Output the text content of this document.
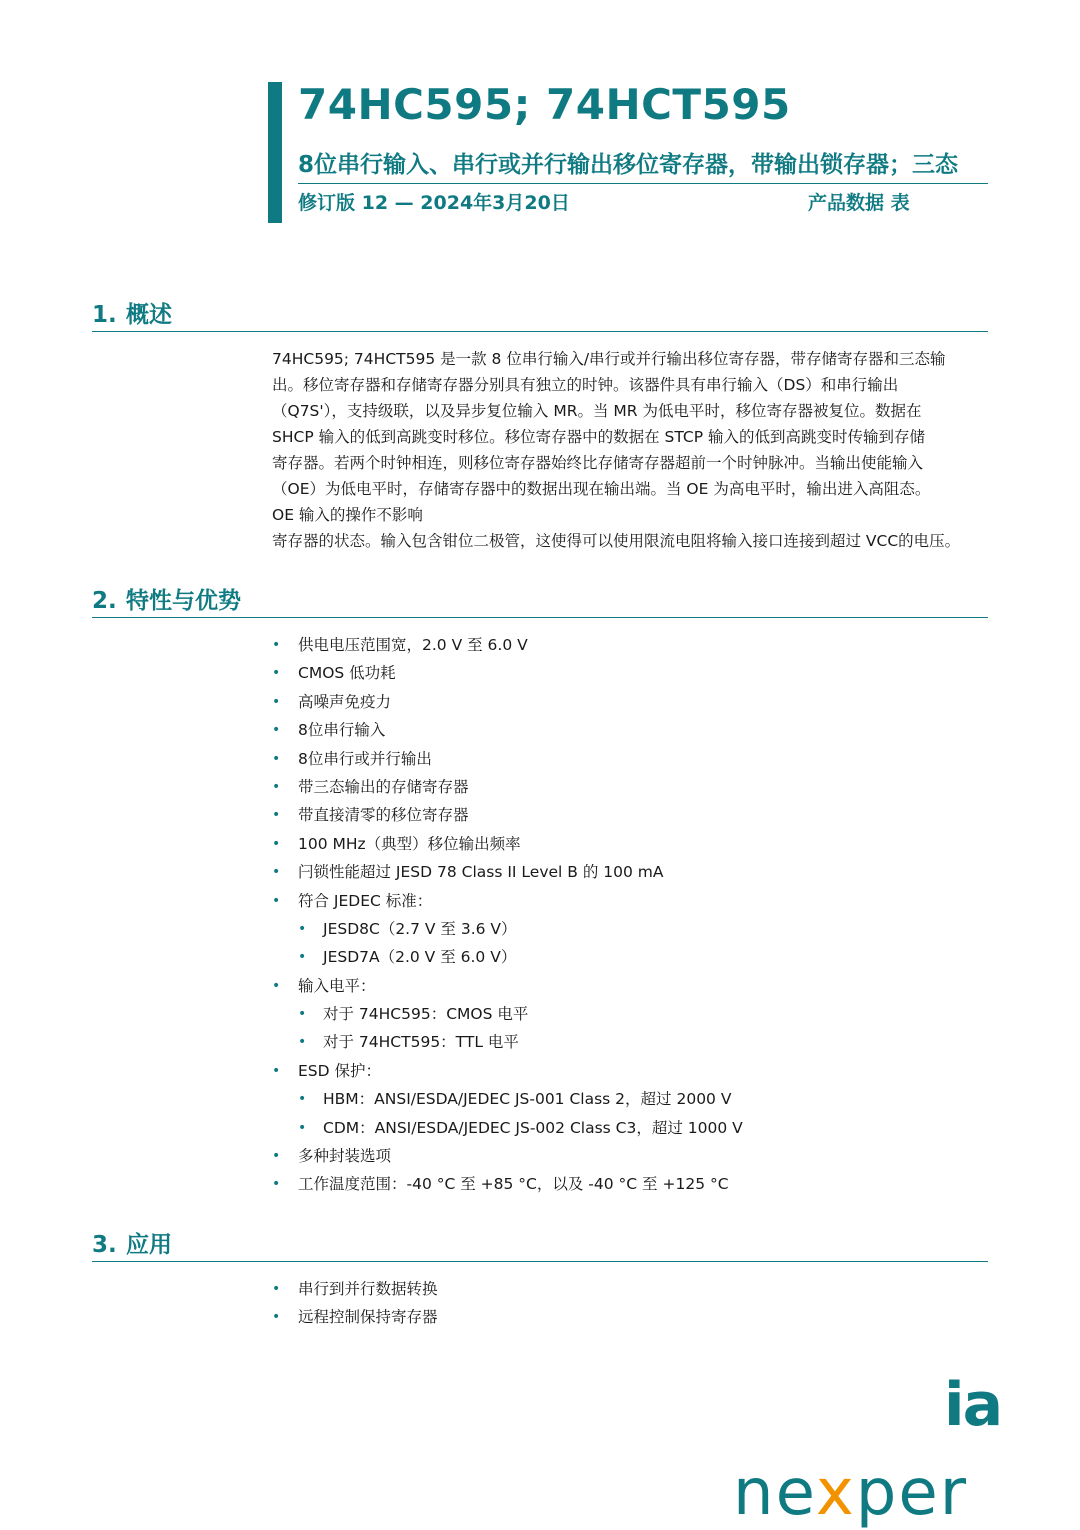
74HC595; 74HCT595
8位串行输入、串行或并行输出移位寄存器，带输出锁存器；三态
修订版 12 — 2024年3月20日	产品数据 表
1. 概述
74HC595; 74HCT595 是一款 8 位串行输入/串行或并行输出移位寄存器，带存储寄存器和三态输
出。移位寄存器和存储寄存器分别具有独立的时钟。该器件具有串行输入（DS）和串行输出
（Q7S'），支持级联，以及异步复位输入 MR。当 MR 为低电平时，移位寄存器被复位。数据在
SHCP 输入的低到高跳变时移位。移位寄存器中的数据在 STCP 输入的低到高跳变时传输到存储
寄存器。若两个时钟相连，则移位寄存器始终比存储寄存器超前一个时钟脉冲。当输出使能输入
（OE）为低电平时，存储寄存器中的数据出现在输出端。当 OE 为高电平时，输出进入高阻态。
OE 输入的操作不影响
寄存器的状态。输入包含钳位二极管，这使得可以使用限流电阻将输入接口连接到超过 VCC的电压。
2. 特性与优势
• 供电电压范围宽，2.0 V 至 6.0 V
• CMOS 低功耗
• 高噪声免疫力
• 8位串行输入
• 8位串行或并行输出
• 带三态输出的存储寄存器
• 带直接清零的移位寄存器
• 100 MHz（典型）移位输出频率
• 闩锁性能超过 JESD 78 Class II Level B 的 100 mA
• 符合 JEDEC 标准：
• JESD8C（2.7 V 至 3.6 V）
• JESD7A（2.0 V 至 6.0 V）
• 输入电平：
• 对于 74HC595：CMOS 电平
• 对于 74HCT595：TTL 电平
• ESD 保护：
• HBM：ANSI/ESDA/JEDEC JS-001 Class 2，超过 2000 V
• CDM：ANSI/ESDA/JEDEC JS-002 Class C3，超过 1000 V
• 多种封装选项
• 工作温度范围：-40 °C 至 +85 °C，以及 -40 °C 至 +125 °C
3. 应用
• 串行到并行数据转换
• 远程控制保持寄存器
ia
nexper
